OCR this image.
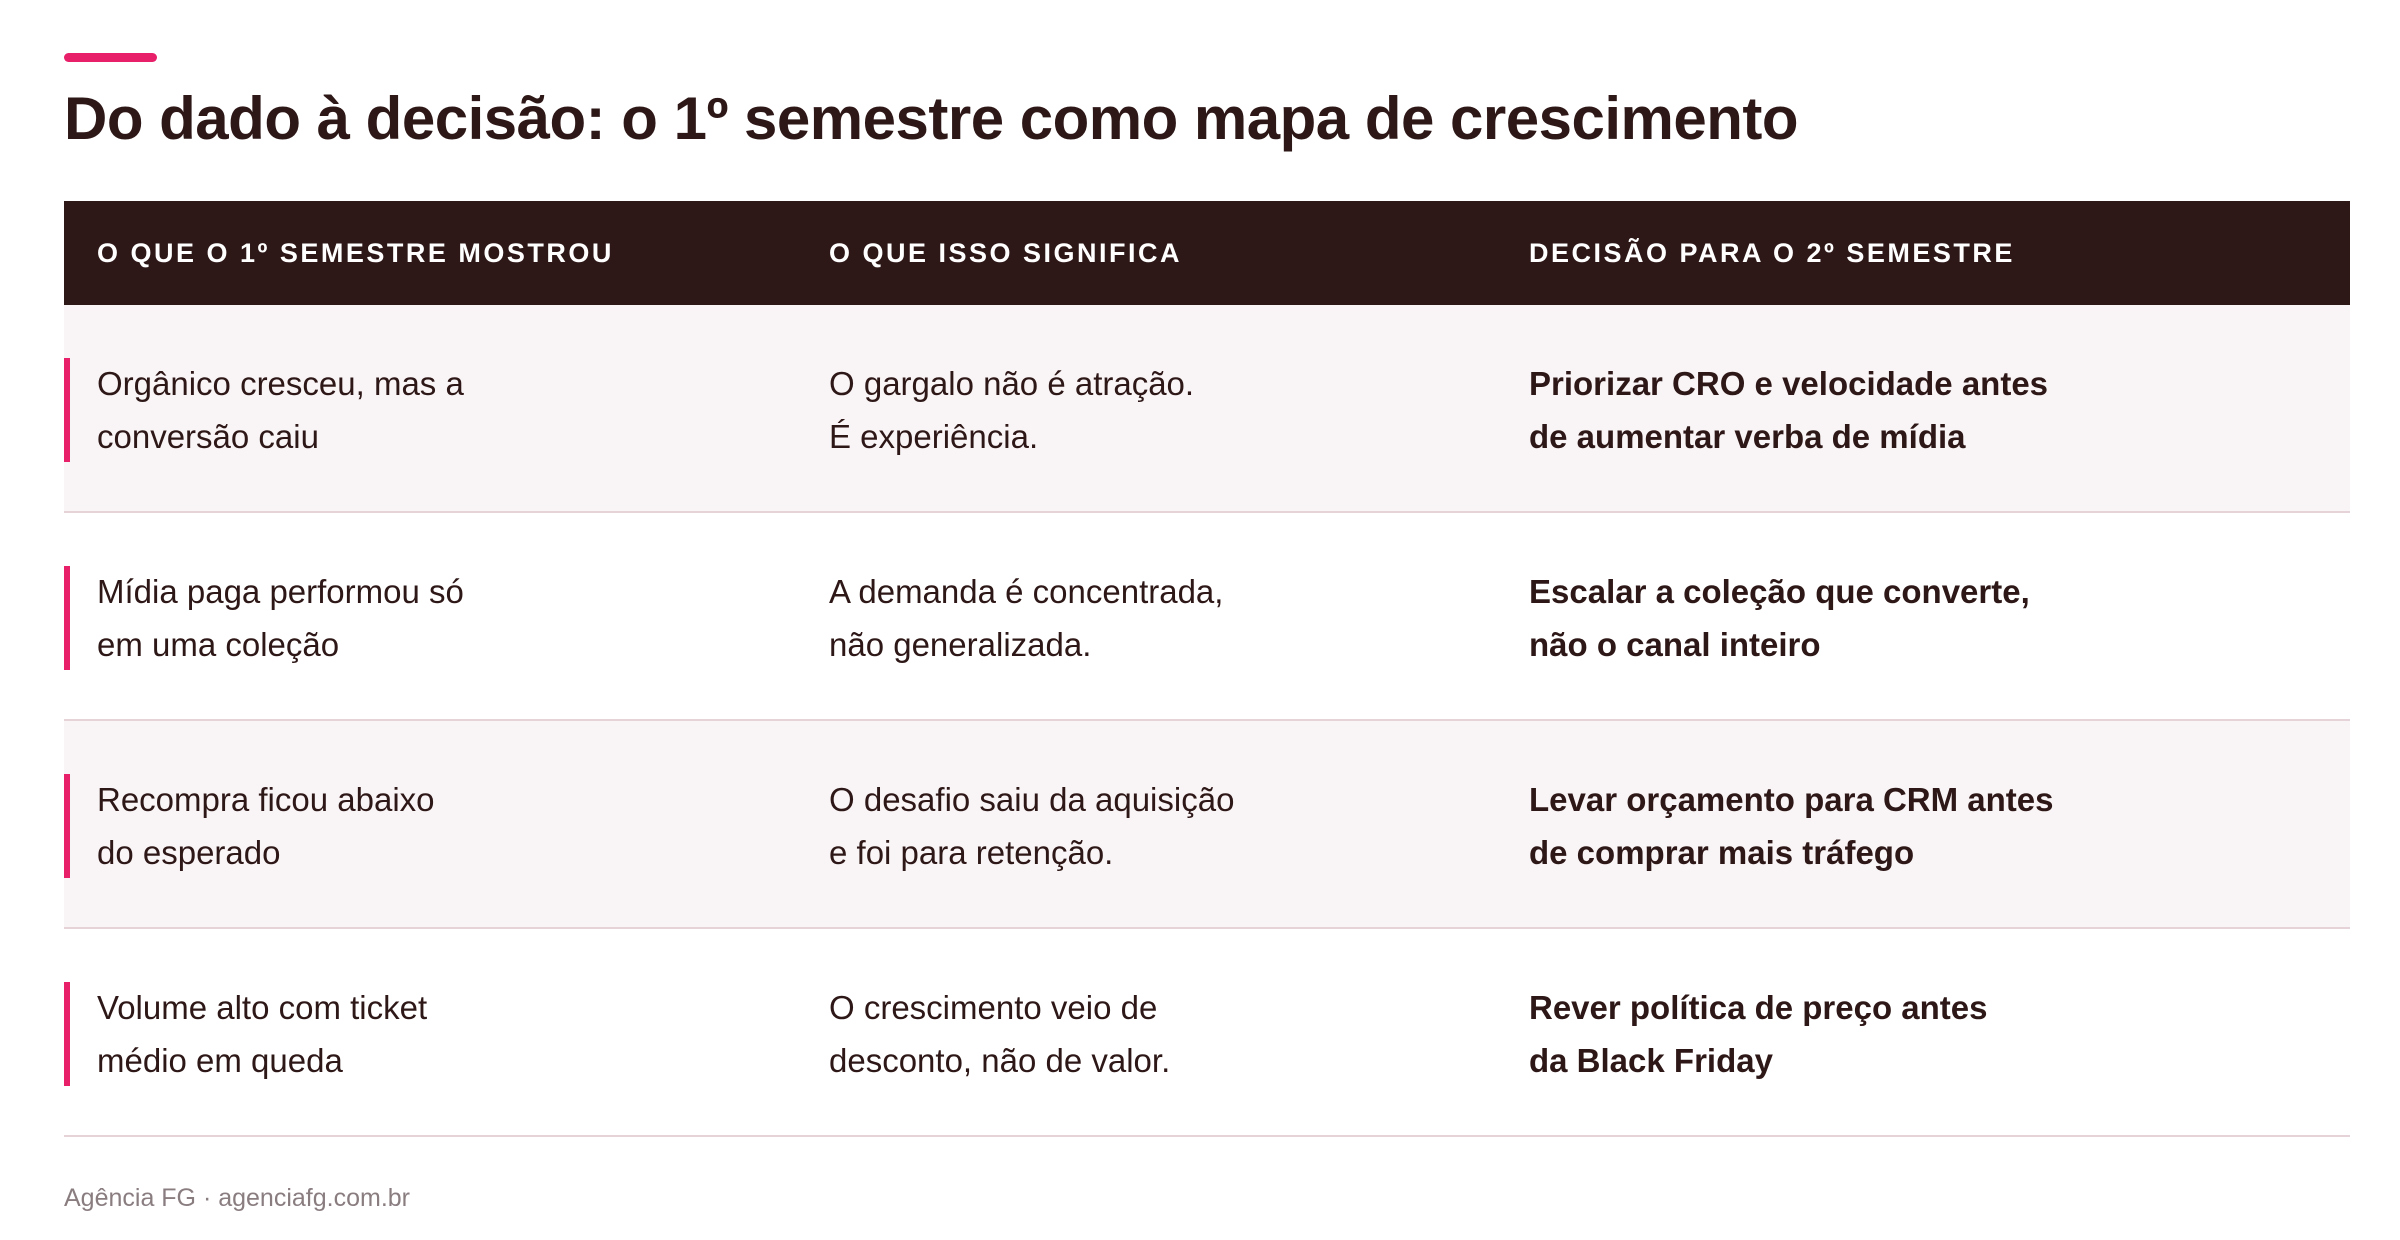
Do dado à decisão: o 1º semestre como mapa de crescimento
O QUE O 1º SEMESTRE MOSTROU	O QUE ISSO SIGNIFICA	DECISÃO PARA O 2º SEMESTRE
Orgânico cresceu, mas a
conversão caiu
O gargalo não é atração.
É experiência.
Priorizar CRO e velocidade antes
de aumentar verba de mídia
Mídia paga performou só
em uma coleção
A demanda é concentrada,
não generalizada.
Escalar a coleção que converte,
não o canal inteiro
Recompra ficou abaixo
do esperado
O desafio saiu da aquisição
e foi para retenção.
Levar orçamento para CRM antes
de comprar mais tráfego
Volume alto com ticket
médio em queda
O crescimento veio de
desconto, não de valor.
Rever política de preço antes
da Black Friday
Agência FG · agenciafg.com.br
